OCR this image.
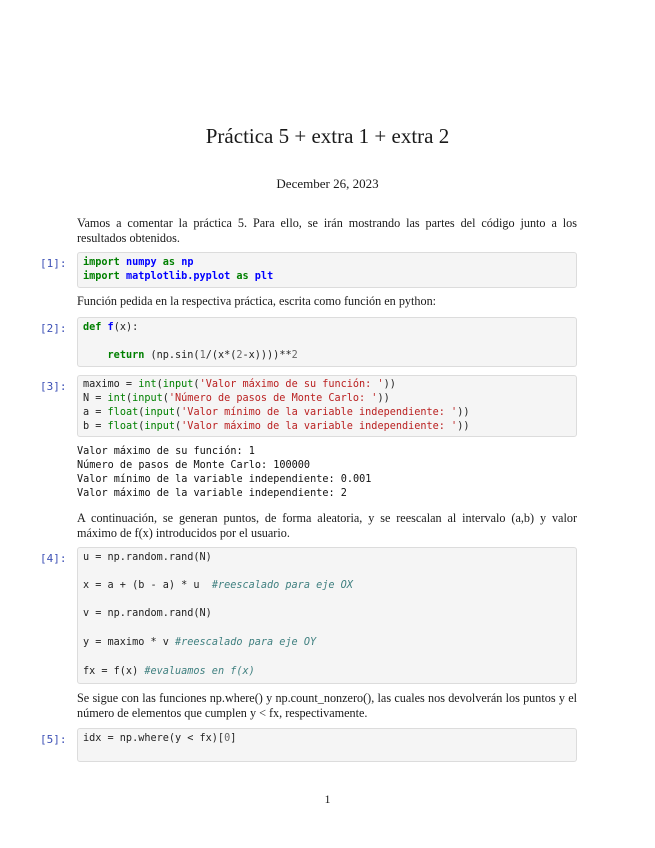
Práctica 5 + extra 1 + extra 2
December 26, 2023
Vamos a comentar la práctica 5. Para ello, se irán mostrando las partes del código junto a los resultados obtenidos.
[1]:	import numpy as np
import matplotlib.pyplot as plt
Función pedida en la respectiva práctica, escrita como función en python:
[2]:	def f(x):
return (np.sin(1/(x*(2-x))))**2
[3]:	maximo = int(input('Valor máximo de su función: '))
N = int(input('Número de pasos de Monte Carlo: '))
a = float(input('Valor mínimo de la variable independiente: '))
b = float(input('Valor máximo de la variable independiente: '))
Valor máximo de su función: 1
Número de pasos de Monte Carlo: 100000
Valor mínimo de la variable independiente: 0.001
Valor máximo de la variable independiente: 2
A continuación, se generan puntos, de forma aleatoria, y se reescalan al intervalo (a,b) y valor máximo de f(x) introducidos por el usuario.
[4]:	u = np.random.rand(N)
x = a + (b - a) * u  #reescalado para eje OX
v = np.random.rand(N)
y = maximo * v #reescalado para eje OY
fx = f(x) #evaluamos en f(x)
Se sigue con las funciones np.where() y np.count_nonzero(), las cuales nos devolverán los puntos y el número de elementos que cumplen y < fx, respectivamente.
[5]:	idx = np.where(y < fx)[0]
1
